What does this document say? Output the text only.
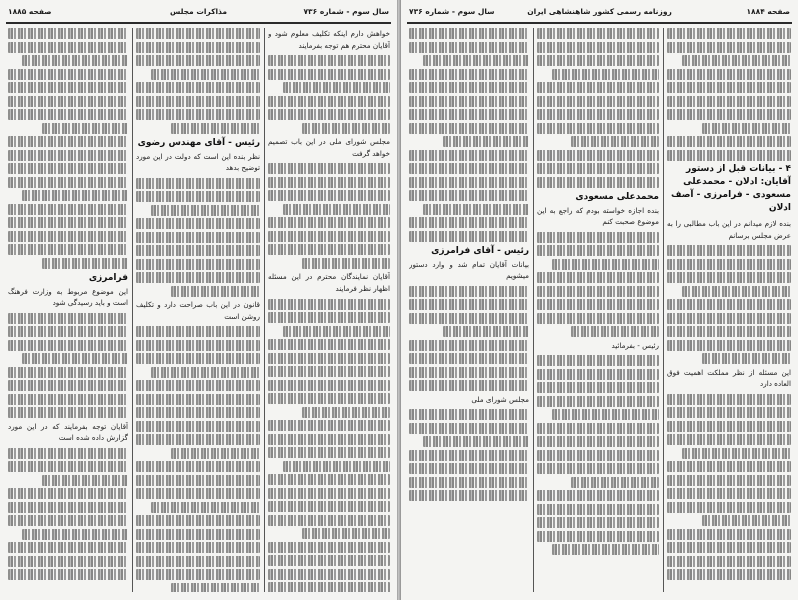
صفحه ۱۸۸۵	مذاکرات مجلس	سال سوم - شماره ۷۳۶
خواهش دارم اینکه تکلیف معلوم شود و آقایان محترم هم توجه بفرمایند
مجلس شورای ملی در این باب تصمیم خواهد گرفت
آقایان نمایندگان محترم در این مسئله اظهار نظر فرمایند
رئیس - آقای مهندس رضوی
نظر بنده این است که دولت در این مورد توضیح بدهد
قانون در این باب صراحت دارد و تکلیف روشن است
فرامرزی
این موضوع مربوط به وزارت فرهنگ است و باید رسیدگی شود
آقایان توجه بفرمایند که در این مورد گزارش داده شده است
سال سوم - شماره ۷۳۶	روزنامه رسمی کشور شاهنشاهی ایران	صفحه ۱۸۸۴
۴ - بیانات قبل از دستور آقایان: ادلان - محمدعلی مسعودی - فرامرزی - آصف ادلان
بنده لازم میدانم در این باب مطالبی را به عرض مجلس برسانم
این مسئله از نظر مملکت اهمیت فوق العاده دارد
محمدعلی مسعودی
بنده اجازه خواسته بودم که راجع به این موضوع صحبت کنم
رئیس - بفرمائید
رئیس - آقای فرامرزی
بیانات آقایان تمام شد و وارد دستور میشویم
مجلس شورای ملی
